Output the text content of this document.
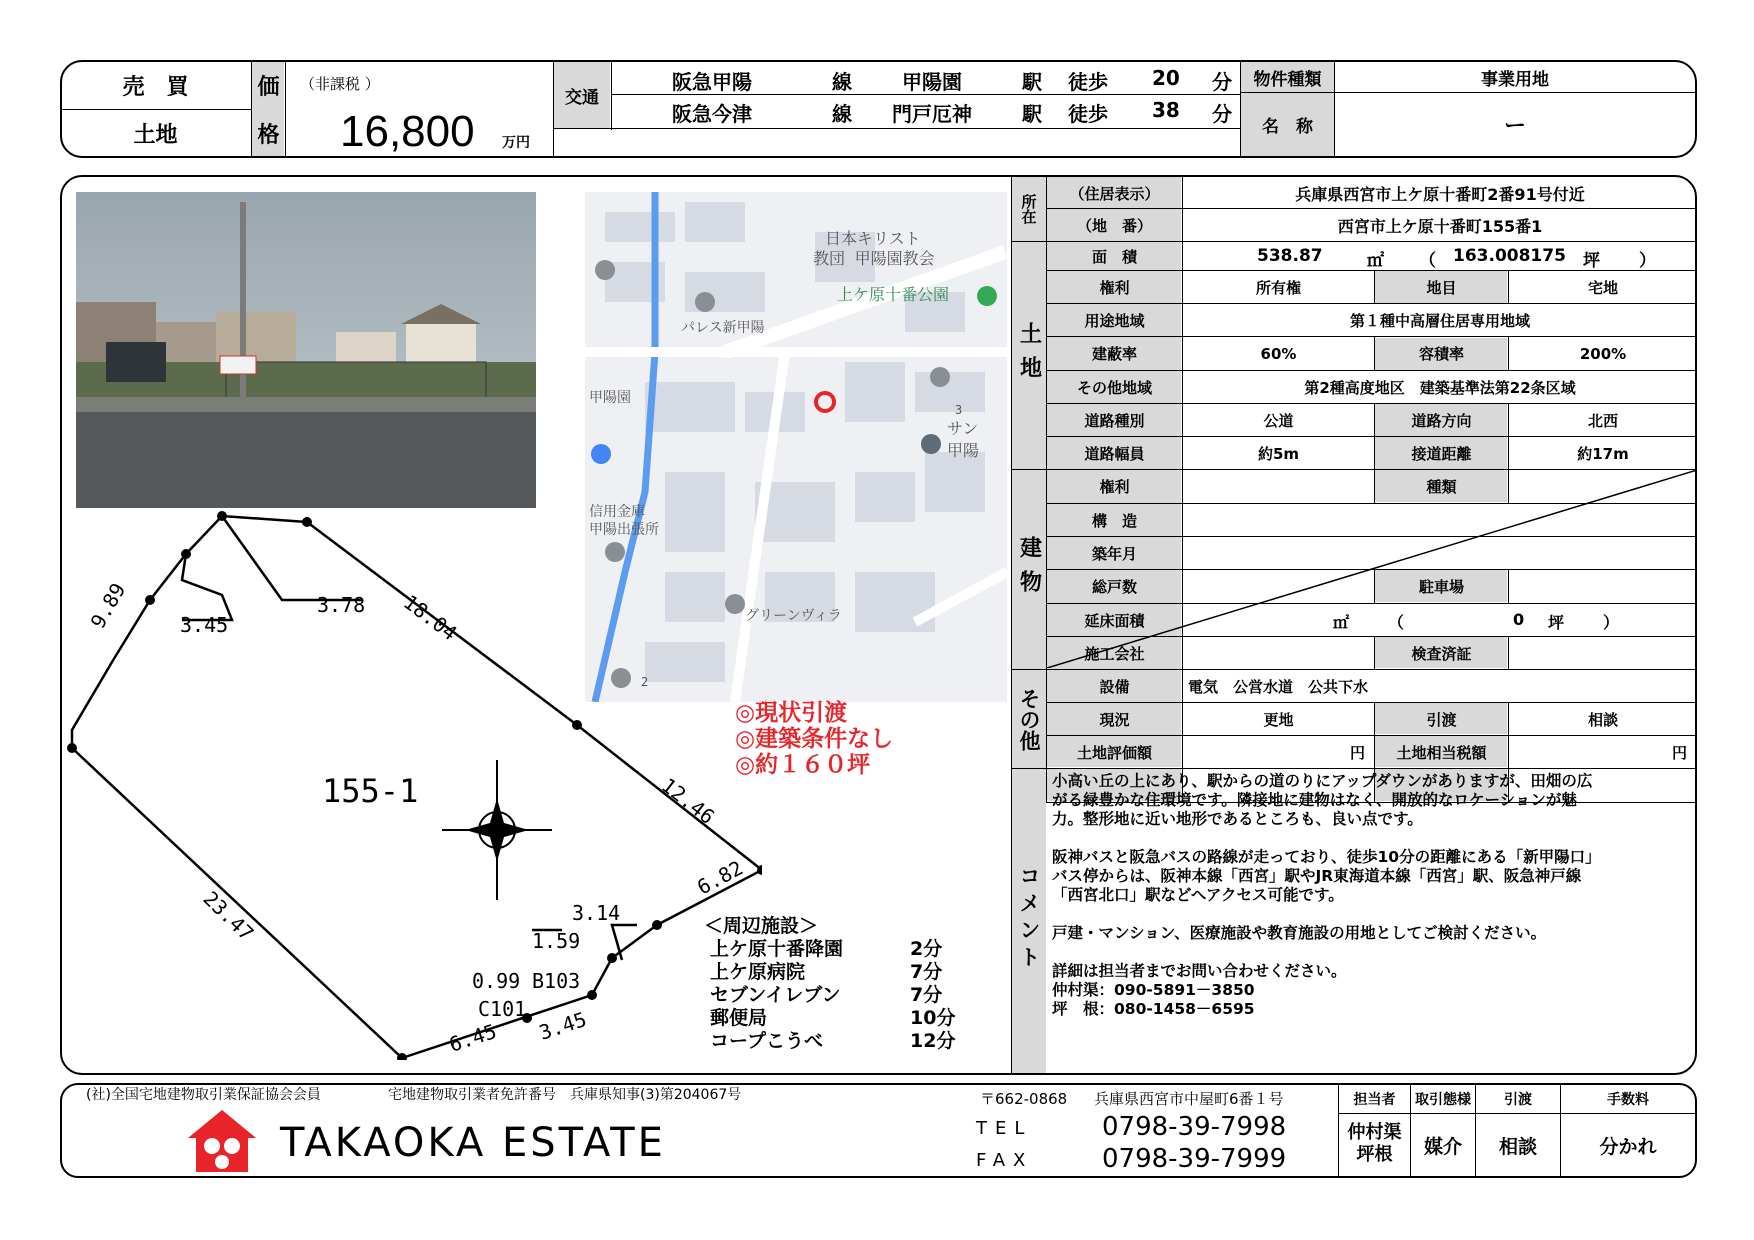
売　買
土地
価
格
（非課税 ）
16,800 万円
交通
阪急甲陽	線	甲陽園	駅 徒歩 20 分
阪急今津	線 門戸厄神	駅 徒歩 38 分
物件種類	事業用地
名　称	ー
日本キリスト
教団 甲陽園教会
上ケ原十番公園
パレス新甲陽
甲陽園
サン
甲陽
信用金庫
甲陽出張所
グリーンヴィラ
3
2
◎現状引渡
◎建築条件なし
◎約１６０坪
18.04
3.78
3.45
9.89
12.46
23.47
6.82
3.14
1.59
0.99 B103
C101 3.45
6.45
155-1
＜周辺施設＞
上ケ原十番降園	2分
上ケ原病院	7分
セブンイレブン	7分
郵便局	10分
コープこうべ	12分
所在
土地
建物
その他
コメント
（住居表示）	兵庫県西宮市上ケ原十番町2番91号付近
（地　番）	西宮市上ケ原十番町155番1
面　積	538.87	㎡ （ 163.008175 坪 ）
権利	所有権	地目	宅地
用途地域	第１種中高層住居専用地域
建蔽率	60%	容積率	200%
その他地域	第2種高度地区　建築基準法第22条区域
道路種別	公道	道路方向	北西
道路幅員	約5m	接道距離	約17m
権利	種類
構　造
築年月
総戸数	駐車場
延床面積	㎡ （	0 坪 ）
施工会社	検査済証
設備	電気　公営水道　公共下水
現況	更地	引渡	相談
土地評価額	円	土地相当税額	円
小高い丘の上にあり、駅からの道のりにアップダウンがありますが、田畑の広
がる緑豊かな住環境です。隣接地に建物はなく、開放的なロケーションが魅
力。整形地に近い地形であるところも、良い点です。
阪神バスと阪急バスの路線が走っており、徒歩10分の距離にある「新甲陽口」
バス停からは、阪神本線「西宮」駅やJR東海道本線「西宮」駅、阪急神戸線
「西宮北口」駅などへアクセス可能です。
戸建・マンション、医療施設や教育施設の用地としてご検討ください。
詳細は担当者までお問い合わせください。
仲村渠：090-5891－3850
坪　根：080-1458－6595
(社)全国宅地建物取引業保証協会会員	宅地建物取引業者免許番号　兵庫県知事(3)第204067号
TAKAOKA ESTATE
〒662-0868 兵庫県西宮市中屋町6番１号
TEL	0798-39-7998
FAX	0798-39-7999
担当者	取引態様	引渡	手数料
仲村渠
坪根	媒介	相談	分かれ
